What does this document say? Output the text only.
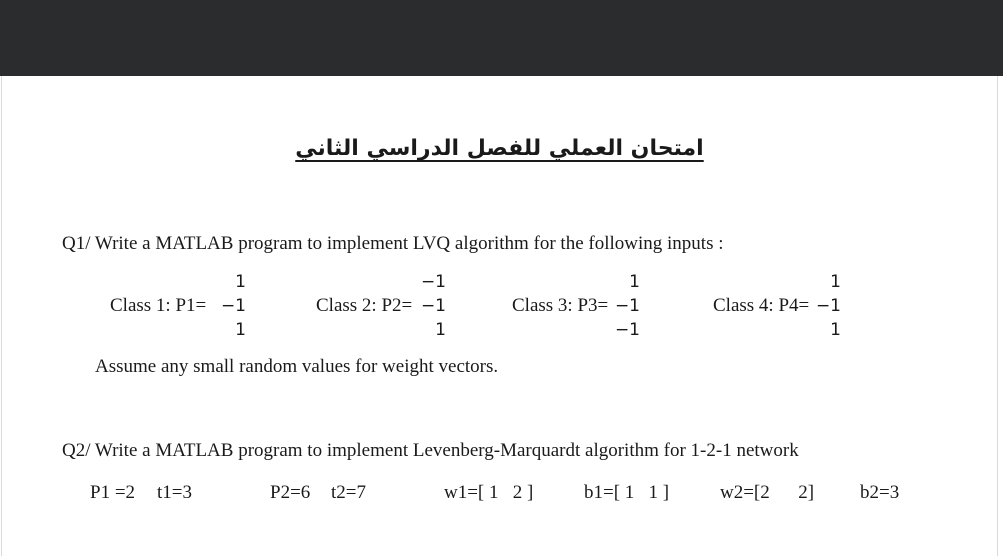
امتحان العملي للفصل الدراسي الثاني
Q1/ Write a MATLAB program to implement LVQ algorithm for the following inputs :
Class 1: P1=
1
−1
1
Class 2: P2=
−1
−1
1
Class 3: P3=
1
−1
−1
Class 4: P4=
1
−1
1
Assume any small random values for weight vectors.
Q2/ Write a MATLAB program to implement Levenberg-Marquardt algorithm for 1-2-1 network
P1 =2 t1=3	P2=6 t2=7	w1=[ 1   2 ]	b1=[ 1   1 ]	w2=[2      2] b2=3
